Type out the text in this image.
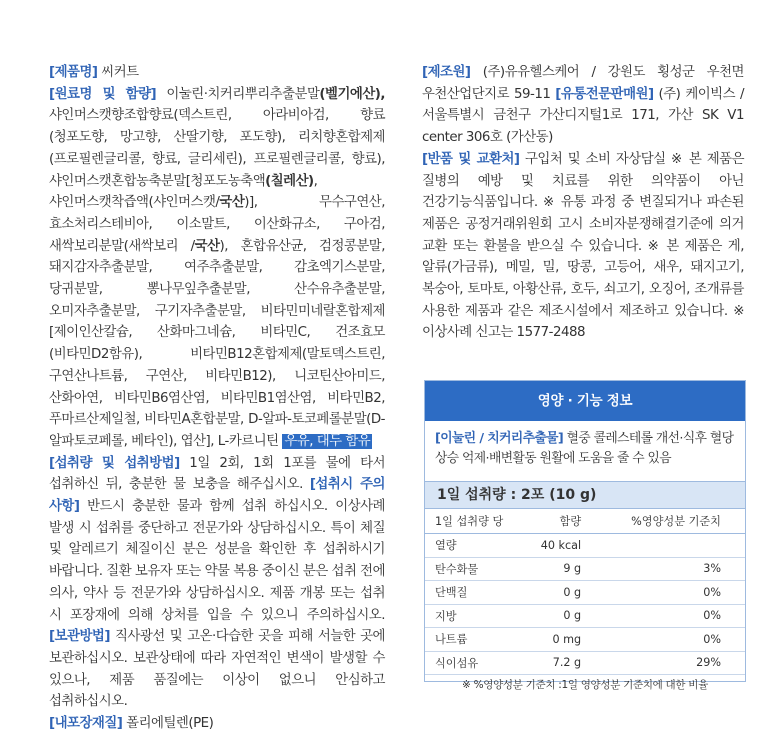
[제품명] 씨커트
[원료명 및 함량] 이눌린·치커리뿌리추출분말(벨기에산), 샤인머스캣향조합향료(덱스트린, 아라비아검, 향료(청포도향, 망고향, 산딸기향, 포도향), 리치향혼합제제(프로필렌글리콜, 향료, 글리세린), 프로필렌글리콜, 향료), 샤인머스캣혼합농축분말[청포도농축액(칠레산), 샤인머스캣착즙액(샤인머스캣/국산)], 무수구연산, 효소처리스테비아, 이소말트, 이산화규소, 구아검, 새싹보리분말(새싹보리 /국산), 혼합유산균, 검정콩분말, 돼지감자추출분말, 여주추출분말, 감초엑기스분말, 당귀분말, 뽕나무잎추출분말, 산수유추출분말, 오미자추출분말, 구기자추출분말, 비타민미네랄혼합제제[제이인산칼슘, 산화마그네슘, 비타민C, 건조효모(비타민D2함유), 비타민B12혼합제제(말토덱스트린, 구연산나트륨, 구연산, 비타민B12), 니코틴산아미드, 산화아연, 비타민B6염산염, 비타민B1염산염, 비타민B2, 푸마르산제일철, 비타민A혼합분말, D-알파-토코페롤분말(D-알파토코페롤, 베타인), 엽산], L-카르니틴 우유, 대두 함유
[섭취량 및 섭취방법] 1일 2회, 1회 1포를 물에 타서 섭취하신 뒤, 충분한 물 보충을 해주십시오. [섭취시 주의 사항] 반드시 충분한 물과 함께 섭취 하십시오. 이상사례 발생 시 섭취를 중단하고 전문가와 상담하십시오. 특이 체질 및 알레르기 체질이신 분은 성분을 확인한 후 섭취하시기 바랍니다. 질환 보유자 또는 약물 복용 중이신 분은 섭취 전에 의사, 약사 등 전문가와 상담하십시오. 제품 개봉 또는 섭취 시 포장재에 의해 상처를 입을 수 있으니 주의하십시오. [보관방법] 직사광선 및 고온·다습한 곳을 피해 서늘한 곳에 보관하십시오. 보관상태에 따라 자연적인 변색이 발생할 수 있으나, 제품 품질에는 이상이 없으니 안심하고 섭취하십시오.
[내포장재질] 폴리에틸렌(PE)
[제조원] (주)유유헬스케어 / 강원도 횡성군 우천면 우천산업단지로 59-11 [유통전문판매원] (주) 케이빅스 / 서울특별시 금천구 가산디지털1로 171, 가산 SK V1 center 306호 (가산동)
[반품 및 교환처] 구입처 및 소비 자상담실 ※ 본 제품은 질병의 예방 및 치료를 위한 의약품이 아닌 건강기능식품입니다. ※ 유통 과정 중 변질되거나 파손된 제품은 공정거래위원회 고시 소비자분쟁해결기준에 의거 교환 또는 환불을 받으실 수 있습니다. ※ 본 제품은 게, 알류(가금류), 메밀, 밀, 땅콩, 고등어, 새우, 돼지고기, 복숭아, 토마토, 아황산류, 호두, 쇠고기, 오징어, 조개류를 사용한 제품과 같은 제조시설에서 제조하고 있습니다. ※이상사례 신고는 1577-2488
영양 · 기능 정보
[이눌린 / 치커리추출물] 혈중 콜레스테롤 개선·식후 혈당상승 억제·배변활동 원활에 도움을 줄 수 있음
1일 섭취량 : 2포 (10 g)
1일 섭취량 당	함량	%영양성분 기준치
열량	40 kcal	
탄수화물	9 g	3%
단백질	0 g	0%
지방	0 g	0%
나트륨	0 mg	0%
식이섬유	7.2 g	29%
※ %영양성분 기준치 :1일 영양성분 기준치에 대한 비율
